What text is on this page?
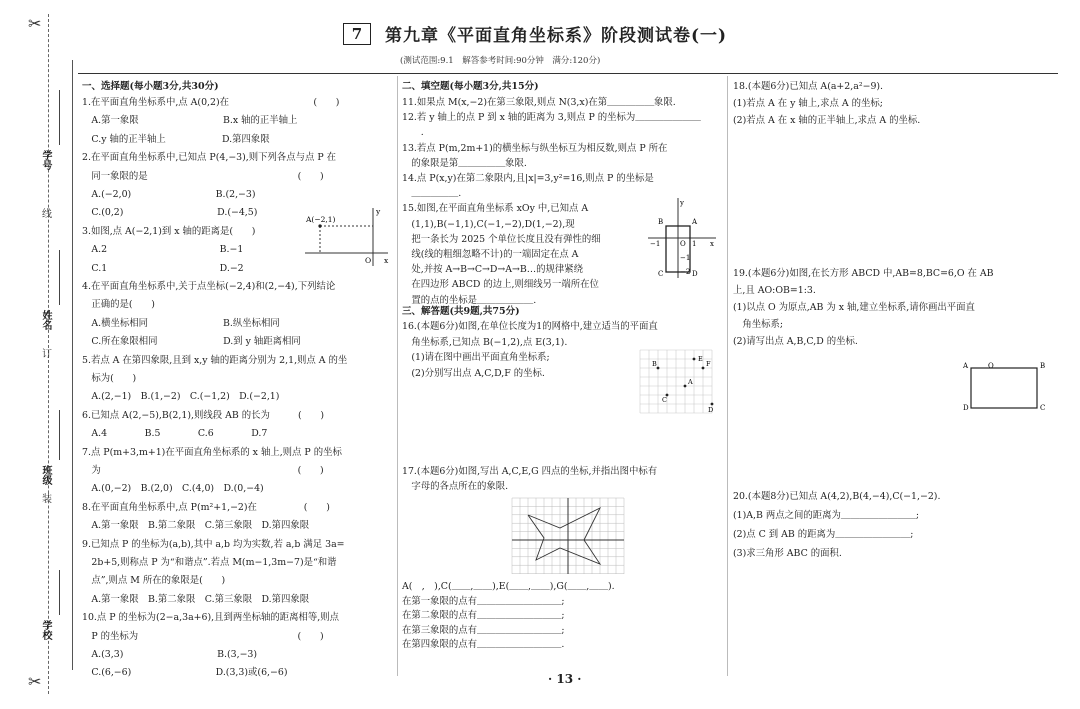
✂
✂
学号
姓名
班级
学校
线
订
装
7	第九章《平面直角坐标系》阶段测试卷(一)
(测试范围:9.1　解答参考时间:90分钟　满分:120分)
一、选择题(每小题3分,共30分)
1.在平面直角坐标系中,点 A(0,2)在　　　　　　　　　(　　)
　A.第一象限　　　　　　　　　B.x 轴的正半轴上
　C.y 轴的正半轴上　　　　　　D.第四象限
2.在平面直角坐标系中,已知点 P(4,−3),则下列各点与点 P 在
　同一象限的是　　　　　　　　　　　　　　　　(　　)
　A.(−2,0)　　　　　　　　　B.(2,−3)
　C.(0,2)　　　　　　　　　　D.(−4,5)
3.如图,点 A(−2,1)到 x 轴的距离是(　　)
　A.2　　　　　　　　　　　　B.−1
　C.1　　　　　　　　　　　　D.−2
4.在平面直角坐标系中,关于点坐标(−2,4)和(2,−4),下列结论
　正确的是(　　)
　A.横坐标相同　　　　　　　　B.纵坐标相同
　C.所在象限相同　　　　　　　D.到 y 轴距离相同
5.若点 A 在第四象限,且到 x,y 轴的距离分别为 2,1,则点 A 的坐
　标为(　　)
　A.(2,−1)　B.(1,−2)　C.(−1,2)　D.(−2,1)
6.已知点 A(2,−5),B(2,1),则线段 AB 的长为　　　(　　)
　A.4　　　　B.5　　　　C.6　　　　D.7
7.点 P(m+3,m+1)在平面直角坐标系的 x 轴上,则点 P 的坐标
　为　　　　　　　　　　　　　　　　　　　　　(　　)
　A.(0,−2)　B.(2,0)　C.(4,0)　D.(0,−4)
8.在平面直角坐标系中,点 P(m²+1,−2)在　　　　　(　　)
　A.第一象限　B.第二象限　C.第三象限　D.第四象限
9.已知点 P 的坐标为(a,b),其中 a,b 均为实数,若 a,b 满足 3a=
　2b+5,则称点 P 为“和谐点”.若点 M(m−1,3m−7)是“和谐
　点”,则点 M 所在的象限是(　　)
　A.第一象限　B.第二象限　C.第三象限　D.第四象限
10.点 P 的坐标为(2−a,3a+6),且到两坐标轴的距离相等,则点
　P 的坐标为　　　　　　　　　　　　　　　　　(　　)
　A.(3,3)　　　　　　　　　　B.(3,−3)
　C.(6,−6)　　　　　　　　　D.(3,3)或(6,−6)
A(−2,1)
y
x
O
二、填空题(每小题3分,共15分)
11.如果点 M(x,−2)在第三象限,则点 N(3,x)在第＿＿＿＿＿象限.
12.若 y 轴上的点 P 到 x 轴的距离为 3,则点 P 的坐标为＿＿＿＿＿＿＿
　　.
13.若点 P(m,2m+1)的横坐标与纵坐标互为相反数,则点 P 所在
　的象限是第＿＿＿＿＿象限.
14.点 P(x,y)在第二象限内,且|x|=3,y²=16,则点 P 的坐标是
　＿＿＿＿＿.
15.如图,在平面直角坐标系 xOy 中,已知点 A
　(1,1),B(−1,1),C(−1,−2),D(1,−2),现
　把一条长为 2025 个单位长度且没有弹性的细
　线(线的粗细忽略不计)的一端固定在点 A
　处,并按 A→B→C→D→A→B…的规律紧绕
　在四边形 ABCD 的边上,则细线另一端所在位
　置的点的坐标是＿＿＿＿＿＿.
三、解答题(共9题,共75分)
16.(本题6分)如图,在单位长度为1的网格中,建立适当的平面直
　角坐标系,已知点 B(−1,2),点 E(3,1).
　(1)请在图中画出平面直角坐标系;
　(2)分别写出点 A,C,D,F 的坐标.
17.(本题6分)如图,写出 A,C,E,G 四点的坐标,并指出图中标有
　字母的各点所在的象限.
A(　,　),C(＿＿,＿＿),E(＿＿,＿＿),G(＿＿,＿＿).
在第一象限的点有＿＿＿＿＿＿＿＿＿;
在第二象限的点有＿＿＿＿＿＿＿＿＿;
在第三象限的点有＿＿＿＿＿＿＿＿＿;
在第四象限的点有＿＿＿＿＿＿＿＿＿.
B
y
A
−1	1 x
O
−1
C −2 D
B
E
F
A
C
D
18.(本题6分)已知点 A(a+2,a²−9).
(1)若点 A 在 y 轴上,求点 A 的坐标;
(2)若点 A 在 x 轴的正半轴上,求点 A 的坐标.
19.(本题6分)如图,在长方形 ABCD 中,AB=8,BC=6,O 在 AB
上,且 AO:OB=1:3.
(1)以点 O 为原点,AB 为 x 轴,建立坐标系,请你画出平面直
　角坐标系;
(2)请写出点 A,B,C,D 的坐标.
20.(本题8分)已知点 A(4,2),B(4,−4),C(−1,−2).
(1)A,B 两点之间的距离为＿＿＿＿＿＿＿＿;
(2)点 C 到 AB 的距离为＿＿＿＿＿＿＿＿;
(3)求三角形 ABC 的面积.
A	O	B
D	C
· 13 ·
